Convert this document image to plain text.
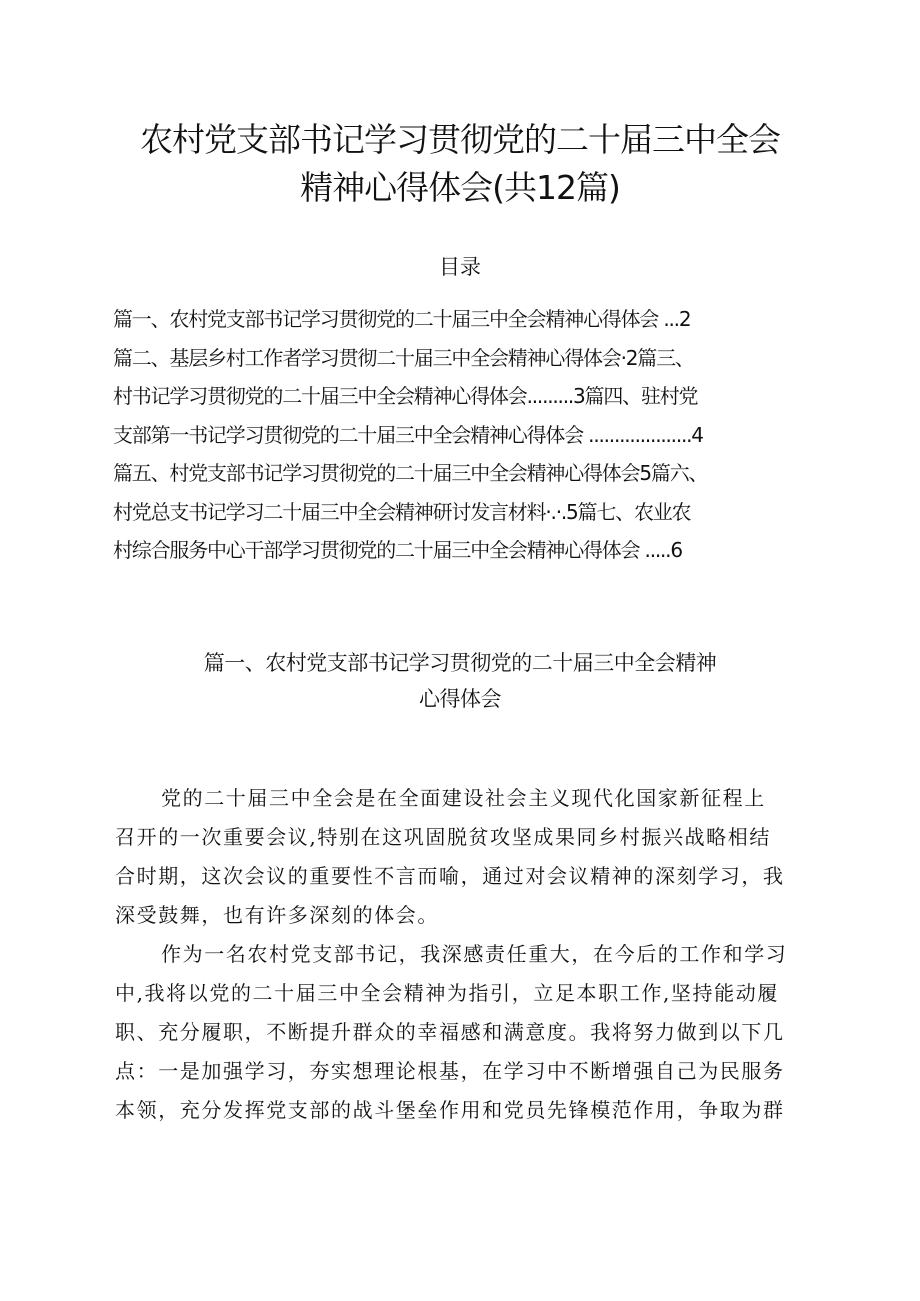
农村党支部书记学习贯彻党的二十届三中全会
精神心得体会(共12篇)
目录
篇一、农村党支部书记学习贯彻党的二十届三中全会精神心得体会 ...2
篇二、基层乡村工作者学习贯彻二十届三中全会精神心得体会·2篇三、
村书记学习贯彻党的二十届三中全会精神心得体会.........3篇四、驻村党
支部第一书记学习贯彻党的二十届三中全会精神心得体会 ....................4
篇五、村党支部书记学习贯彻党的二十届三中全会精神心得体会5篇六、
村党总支书记学习二十届三中全会精神研讨发言材料·.·.5篇七、农业农
村综合服务中心干部学习贯彻党的二十届三中全会精神心得体会 .....6
篇一、农村党支部书记学习贯彻党的二十届三中全会精神
心得体会
党的二十届三中全会是在全面建设社会主义现代化国家新征程上
召开的一次重要会议,特别在这巩固脱贫攻坚成果同乡村振兴战略相结
合时期，这次会议的重要性不言而喻，通过对会议精神的深刻学习，我
深受鼓舞，也有许多深刻的体会。
作为一名农村党支部书记，我深感责任重大，在今后的工作和学习
中,我将以党的二十届三中全会精神为指引，立足本职工作,坚持能动履
职、充分履职，不断提升群众的幸福感和满意度。我将努力做到以下几
点：一是加强学习，夯实想理论根基，在学习中不断增强自己为民服务
本领，充分发挥党支部的战斗堡垒作用和党员先锋模范作用，争取为群
